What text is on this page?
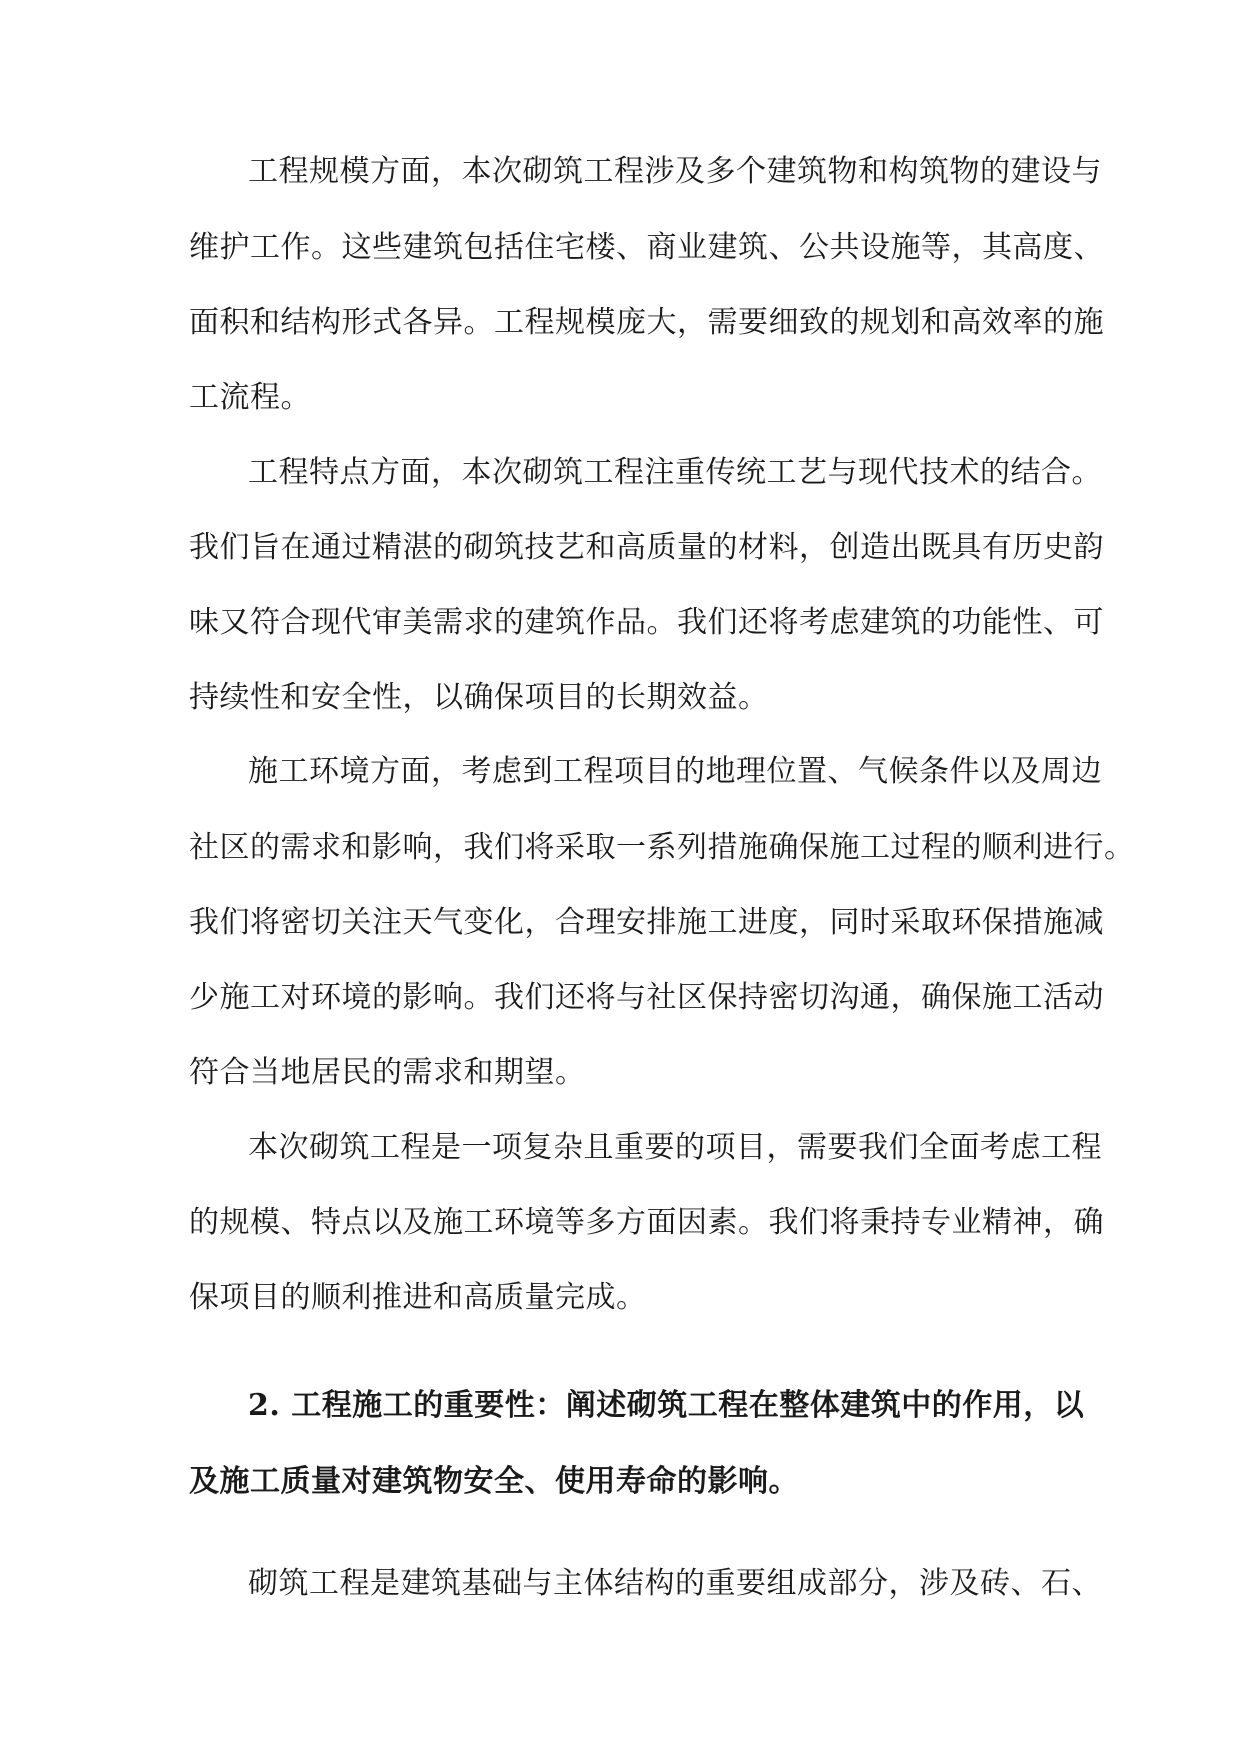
工程规模方面，本次砌筑工程涉及多个建筑物和构筑物的建设与
维护工作。这些建筑包括住宅楼、商业建筑、公共设施等，其高度、
面积和结构形式各异。工程规模庞大，需要细致的规划和高效率的施
工流程。
工程特点方面，本次砌筑工程注重传统工艺与现代技术的结合。
我们旨在通过精湛的砌筑技艺和高质量的材料，创造出既具有历史韵
味又符合现代审美需求的建筑作品。我们还将考虑建筑的功能性、可
持续性和安全性，以确保项目的长期效益。
施工环境方面，考虑到工程项目的地理位置、气候条件以及周边
社区的需求和影响，我们将采取一系列措施确保施工过程的顺利进行。
我们将密切关注天气变化，合理安排施工进度，同时采取环保措施减
少施工对环境的影响。我们还将与社区保持密切沟通，确保施工活动
符合当地居民的需求和期望。
本次砌筑工程是一项复杂且重要的项目，需要我们全面考虑工程
的规模、特点以及施工环境等多方面因素。我们将秉持专业精神，确
保项目的顺利推进和高质量完成。
2. 工程施工的重要性：阐述砌筑工程在整体建筑中的作用，以
及施工质量对建筑物安全、使用寿命的影响。
砌筑工程是建筑基础与主体结构的重要组成部分，涉及砖、石、
